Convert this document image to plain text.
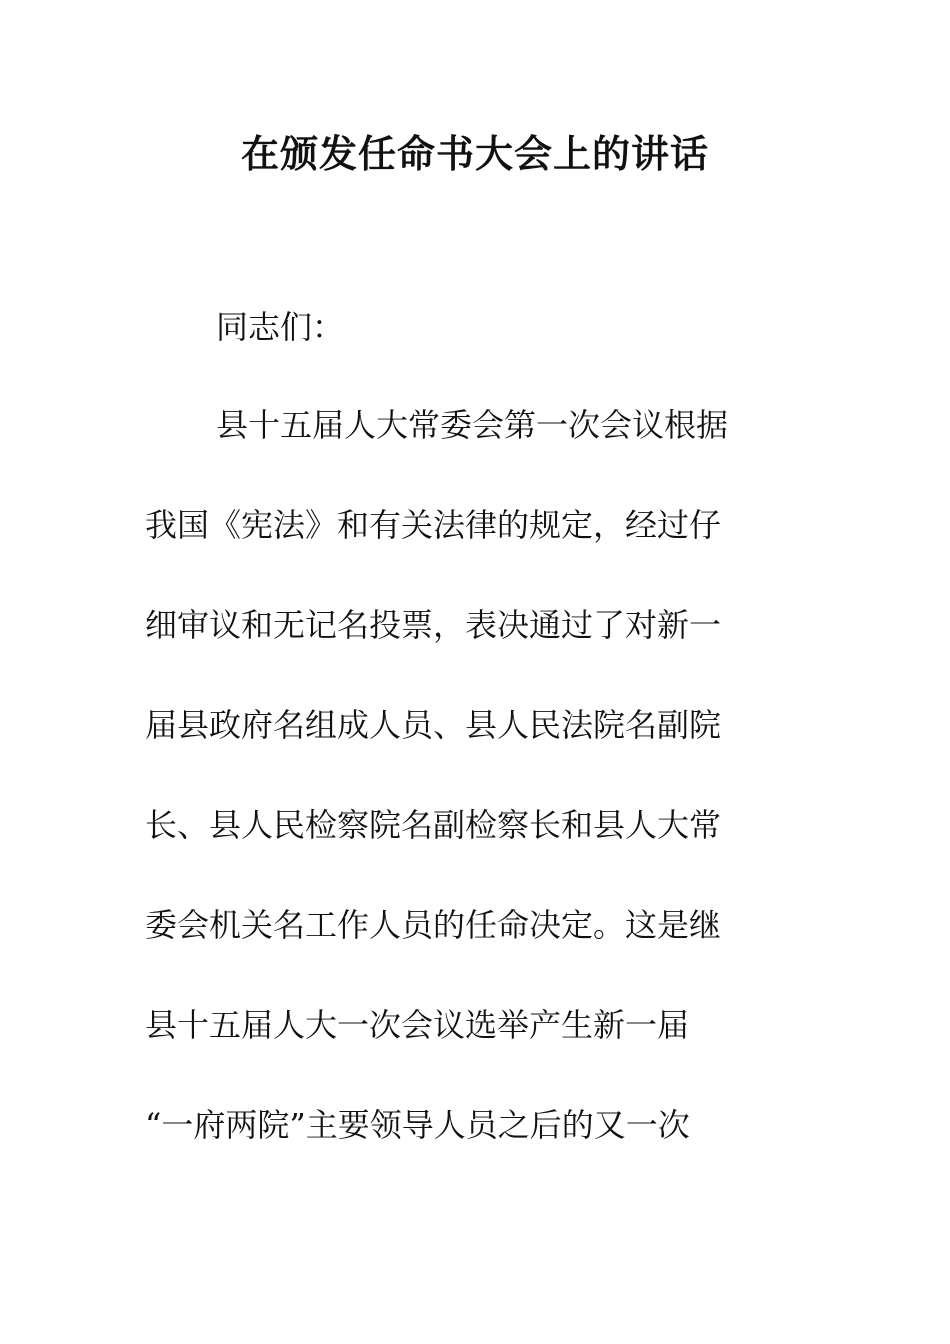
在颁发任命书大会上的讲话
同志们：
县十五届人大常委会第一次会议根据
我国《宪法》和有关法律的规定，经过仔
细审议和无记名投票，表决通过了对新一
届县政府名组成人员、县人民法院名副院
长、县人民检察院名副检察长和县人大常
委会机关名工作人员的任命决定。这是继
县十五届人大一次会议选举产生新一届
“一府两院”主要领导人员之后的又一次
